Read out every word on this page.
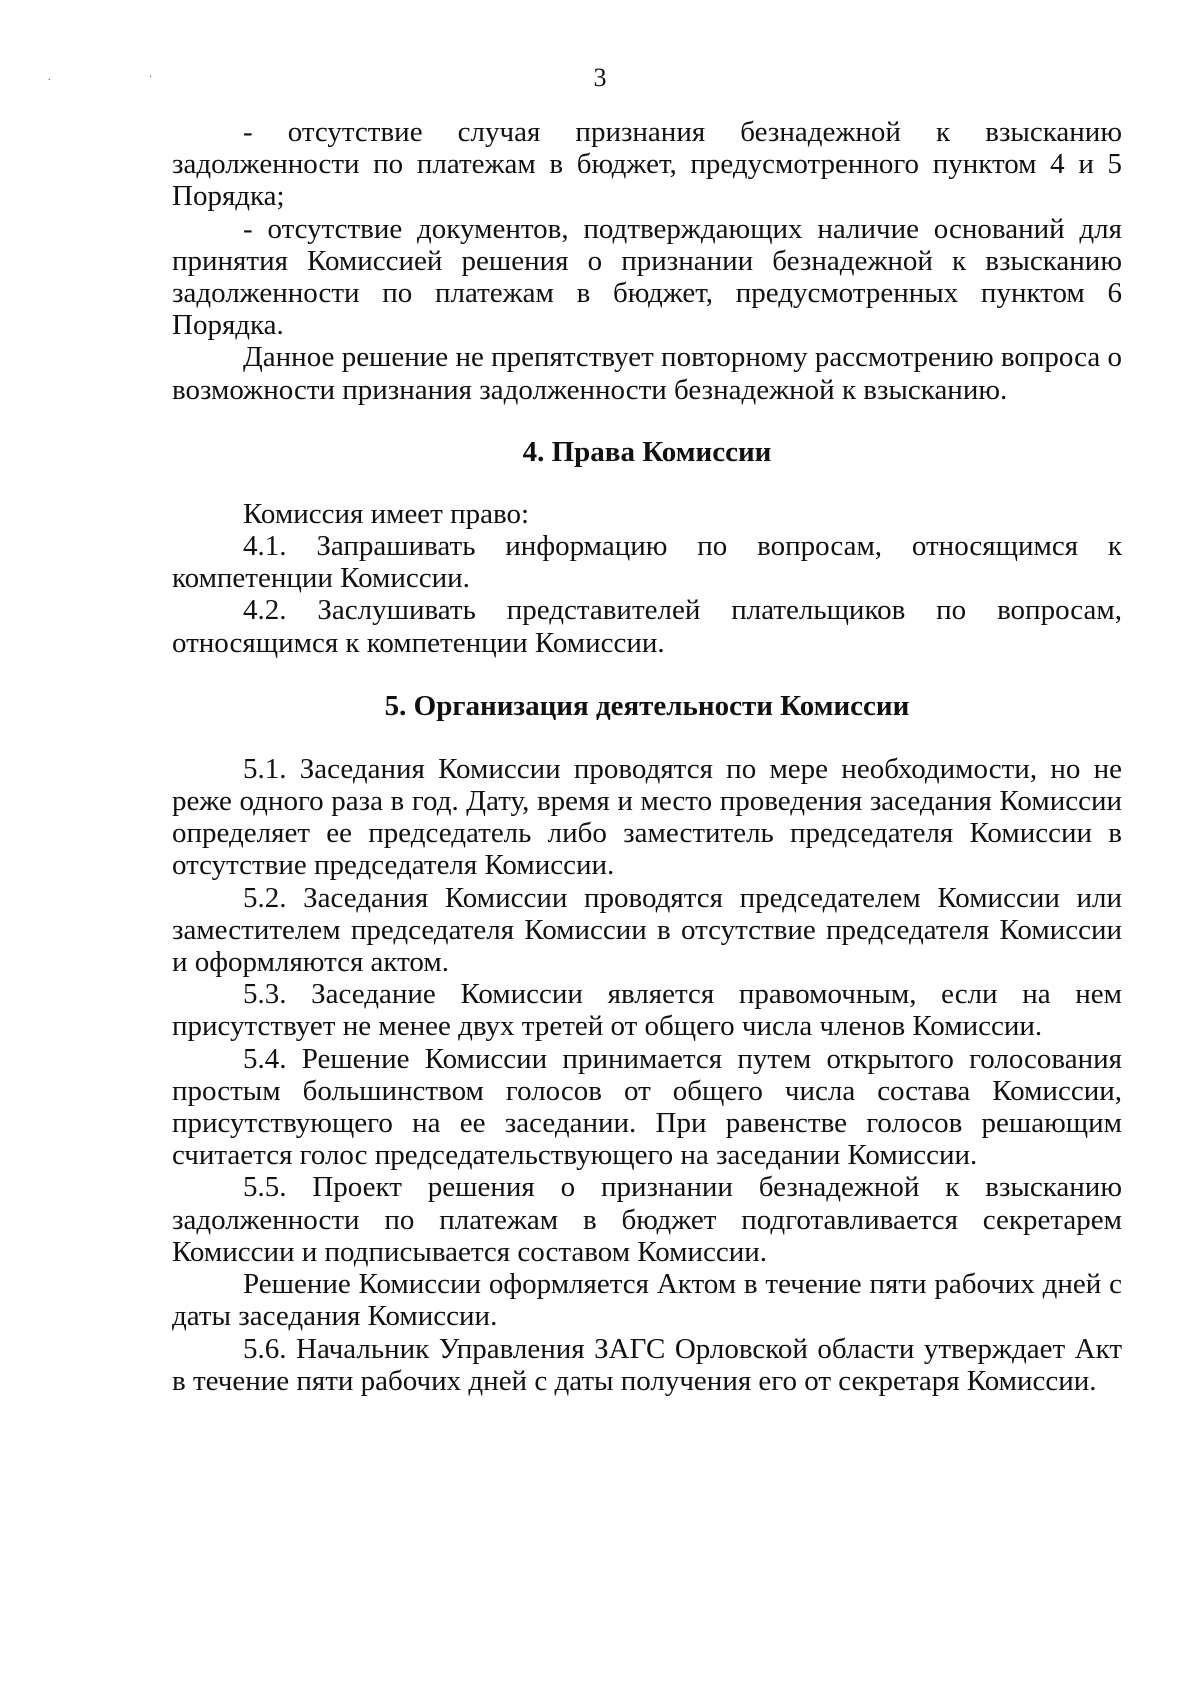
. ·	3

- отсутствие случая признания безнадежной к взысканию задолженности по платежам в бюджет, предусмотренного пунктом 4 и 5 Порядка;

- отсутствие документов, подтверждающих наличие оснований для принятия Комиссией решения о признании безнадежной к взысканию задолженности по платежам в бюджет, предусмотренных пунктом 6 Порядка.

Данное решение не препятствует повторному рассмотрению вопроса о возможности признания задолженности безнадежной к взысканию.

4. Права Комиссии

Комиссия имеет право:

4.1. Запрашивать информацию по вопросам, относящимся к компетенции Комиссии.

4.2. Заслушивать представителей плательщиков по вопросам, относящимся к компетенции Комиссии.

5. Организация деятельности Комиссии

5.1. Заседания Комиссии проводятся по мере необходимости, но не реже одного раза в год. Дату, время и место проведения заседания Комиссии определяет ее председатель либо заместитель председателя Комиссии в отсутствие председателя Комиссии.

5.2. Заседания Комиссии проводятся председателем Комиссии или заместителем председателя Комиссии в отсутствие председателя Комиссии и оформляются актом.

5.3. Заседание Комиссии является правомочным, если на нем присутствует не менее двух третей от общего числа членов Комиссии.

5.4. Решение Комиссии принимается путем открытого голосования простым большинством голосов от общего числа состава Комиссии, присутствующего на ее заседании. При равенстве голосов решающим считается голос председательствующего на заседании Комиссии.

5.5. Проект решения о признании безнадежной к взысканию задолженности по платежам в бюджет подготавливается секретарем Комиссии и подписывается составом Комиссии.

Решение Комиссии оформляется Актом в течение пяти рабочих дней с даты заседания Комиссии.

5.6. Начальник Управления ЗАГС Орловской области утверждает Акт в течение пяти рабочих дней с даты получения его от секретаря Комиссии.
